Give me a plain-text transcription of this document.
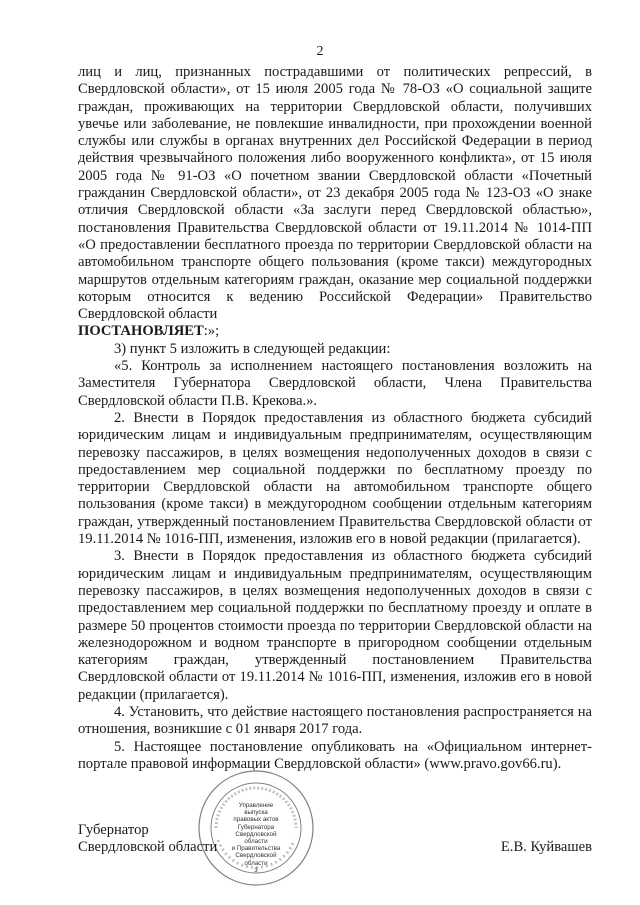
2

лиц и лиц, признанных пострадавшими от политических репрессий, в Свердловской области», от 15 июля 2005 года № 78-ОЗ «О социальной защите граждан, проживающих на территории Свердловской области, получивших увечье или заболевание, не повлекшие инвалидности, при прохождении военной службы или службы в органах внутренних дел Российской Федерации в период действия чрезвычайного положения либо вооруженного конфликта», от 15 июля 2005 года № 91-ОЗ «О почетном звании Свердловской области «Почетный гражданин Свердловской области», от 23 декабря 2005 года № 123-ОЗ «О знаке отличия Свердловской области «За заслуги перед Свердловской областью», постановления Правительства Свердловской области от 19.11.2014 № 1014-ПП «О предоставлении бесплатного проезда по территории Свердловской области на автомобильном транспорте общего пользования (кроме такси) междугородных маршрутов отдельным категориям граждан, оказание мер социальной поддержки которым относится к ведению Российской Федерации» Правительство Свердловской области

ПОСТАНОВЛЯЕТ:»;

3) пункт 5 изложить в следующей редакции:

«5. Контроль за исполнением настоящего постановления возложить на Заместителя Губернатора Свердловской области, Члена Правительства Свердловской области П.В. Крекова.».

2. Внести в Порядок предоставления из областного бюджета субсидий юридическим лицам и индивидуальным предпринимателям, осуществляющим перевозку пассажиров, в целях возмещения недополученных доходов в связи с предоставлением мер социальной поддержки по бесплатному проезду по территории Свердловской области на автомобильном транспорте общего пользования (кроме такси) в междугородном сообщении отдельным категориям граждан, утвержденный постановлением Правительства Свердловской области от 19.11.2014 № 1016-ПП, изменения, изложив его в новой редакции (прилагается).

3. Внести в Порядок предоставления из областного бюджета субсидий юридическим лицам и индивидуальным предпринимателям, осуществляющим перевозку пассажиров, в целях возмещения недополученных доходов в связи с предоставлением мер социальной поддержки по бесплатному проезду и оплате в размере 50 процентов стоимости проезда по территории Свердловской области на железнодорожном и водном транспорте в пригородном сообщении отдельным категориям граждан, утвержденный постановлением Правительства Свердловской области от 19.11.2014 № 1016-ПП, изменения, изложив его в новой редакции (прилагается).

4. Установить, что действие настоящего постановления распространяется на отношения, возникшие с 01 января 2017 года.

5. Настоящее постановление опубликовать на «Официальном интернет-портале правовой информации Свердловской области» (www.pravo.gov66.ru).

Управление
выпуска
правовых актов
Губернатора
Свердловской области
и Правительства
Свердловской
области
3
Губернатор
Свердловской области	Е.В. Куйвашев
